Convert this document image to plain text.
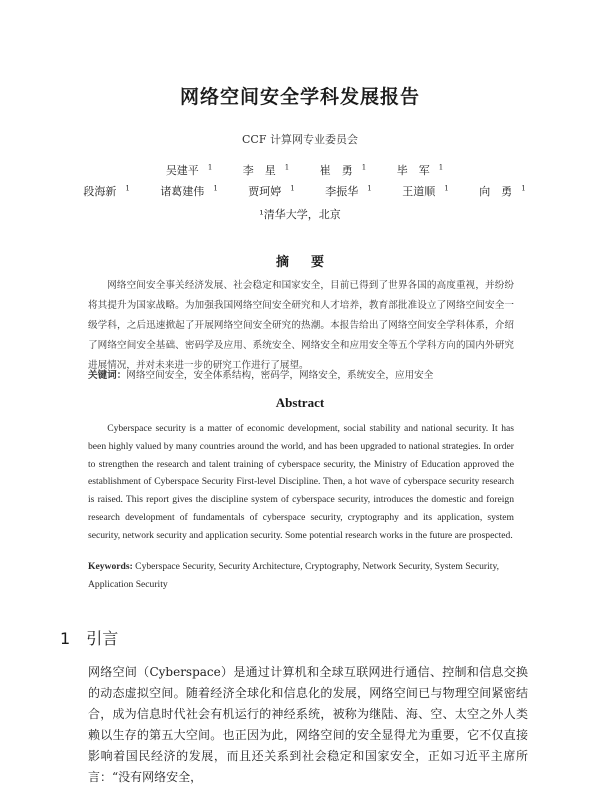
网络空间安全学科发展报告
CCF 计算网专业委员会
吴建平 $^1$	李　星 $^1$	崔　勇 $^1$	毕　军 $^1$
段海新 $^1$	诸葛建伟 $^1$	贾珂婷 $^1$	李振华 $^1$	王道顺 $^1$	向　勇 $^1$
¹清华大学，北京
摘要
网络空间安全事关经济发展、社会稳定和国家安全，目前已得到了世界各国的高度重视，并纷纷将其提升为国家战略。为加强我国网络空间安全研究和人才培养，教育部批准设立了网络空间安全一级学科，之后迅速掀起了开展网络空间安全研究的热潮。本报告给出了网络空间安全学科体系，介绍了网络空间安全基础、密码学及应用、系统安全、网络安全和应用安全等五个学科方向的国内外研究进展情况，并对未来进一步的研究工作进行了展望。
关键词：网络空间安全，安全体系结构，密码学，网络安全，系统安全，应用安全
Abstract
Cyberspace security is a matter of economic development, social stability and national security. It has been highly valued by many countries around the world, and has been upgraded to national strategies. In order to strengthen the research and talent training of cyberspace security, the Ministry of Education approved the establishment of Cyberspace Security First-level Discipline. Then, a hot wave of cyberspace security research is raised. This report gives the discipline system of cyberspace security, introduces the domestic and foreign research development of fundamentals of cyberspace security, cryptography and its application, system security, network security and application security. Some potential research works in the future are prospected.
Keywords: Cyberspace Security, Security Architecture, Cryptography, Network Security, System Security, Application Security
1 引言
网络空间（Cyberspace）是通过计算机和全球互联网进行通信、控制和信息交换的动态虚拟空间。随着经济全球化和信息化的发展，网络空间已与物理空间紧密结合，成为信息时代社会有机运行的神经系统，被称为继陆、海、空、太空之外人类赖以生存的第五大空间。也正因为此，网络空间的安全显得尤为重要，它不仅直接影响着国民经济的发展，而且还关系到社会稳定和国家安全，正如习近平主席所言：“没有网络安全，
